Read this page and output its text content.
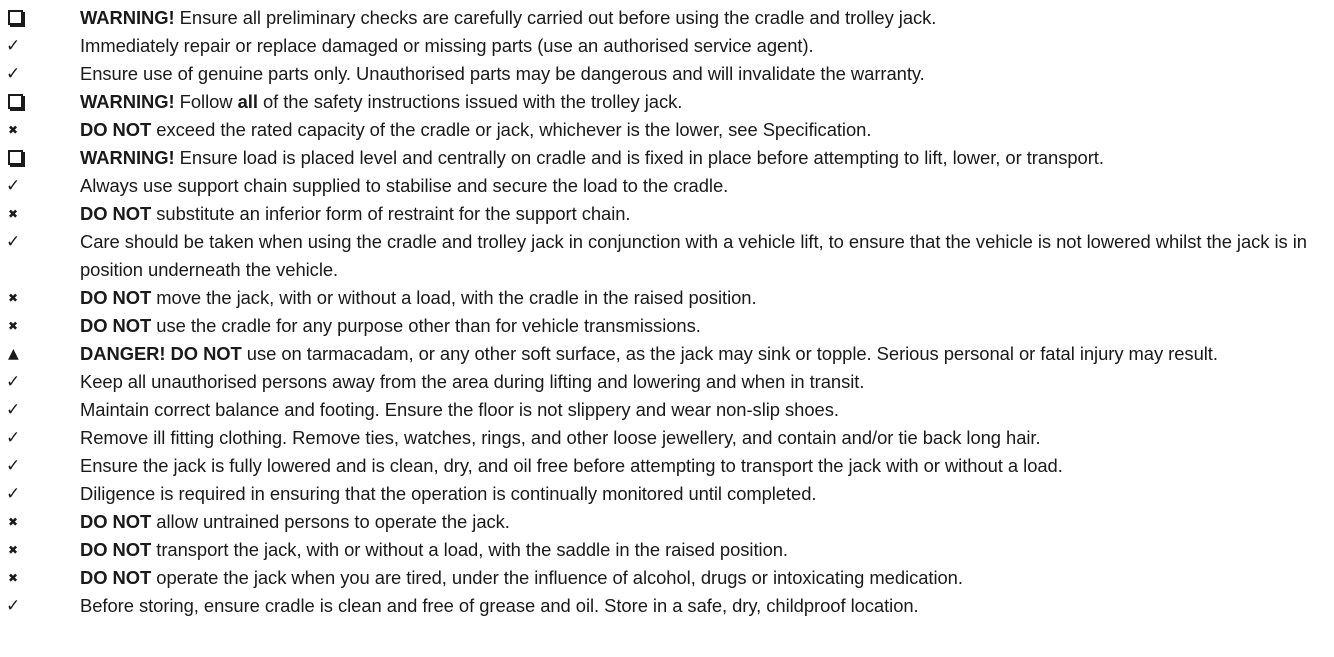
WARNING! Ensure all preliminary checks are carefully carried out before using the cradle and trolley jack.
✓	Immediately repair or replace damaged or missing parts (use an authorised service agent).
✓	Ensure use of genuine parts only. Unauthorised parts may be dangerous and will invalidate the warranty.
WARNING! Follow all of the safety instructions issued with the trolley jack.
✖	DO NOT exceed the rated capacity of the cradle or jack, whichever is the lower, see Specification.
WARNING! Ensure load is placed level and centrally on cradle and is fixed in place before attempting to lift, lower, or transport.
✓	Always use support chain supplied to stabilise and secure the load to the cradle.
✖	DO NOT substitute an inferior form of restraint for the support chain.
✓	Care should be taken when using the cradle and trolley jack in conjunction with a vehicle lift, to ensure that the vehicle is not lowered whilst the jack is in position underneath the vehicle.
✖	DO NOT move the jack, with or without a load, with the cradle in the raised position.
✖	DO NOT use the cradle for any purpose other than for vehicle transmissions.
▲	DANGER! DO NOT use on tarmacadam, or any other soft surface, as the jack may sink or topple. Serious personal or fatal injury may result.
✓	Keep all unauthorised persons away from the area during lifting and lowering and when in transit.
✓	Maintain correct balance and footing. Ensure the floor is not slippery and wear non-slip shoes.
✓	Remove ill fitting clothing. Remove ties, watches, rings, and other loose jewellery, and contain and/or tie back long hair.
✓	Ensure the jack is fully lowered and is clean, dry, and oil free before attempting to transport the jack with or without a load.
✓	Diligence is required in ensuring that the operation is continually monitored until completed.
✖	DO NOT allow untrained persons to operate the jack.
✖	DO NOT transport the jack, with or without a load, with the saddle in the raised position.
✖	DO NOT operate the jack when you are tired, under the influence of alcohol, drugs or intoxicating medication.
✓	Before storing, ensure cradle is clean and free of grease and oil. Store in a safe, dry, childproof location.
